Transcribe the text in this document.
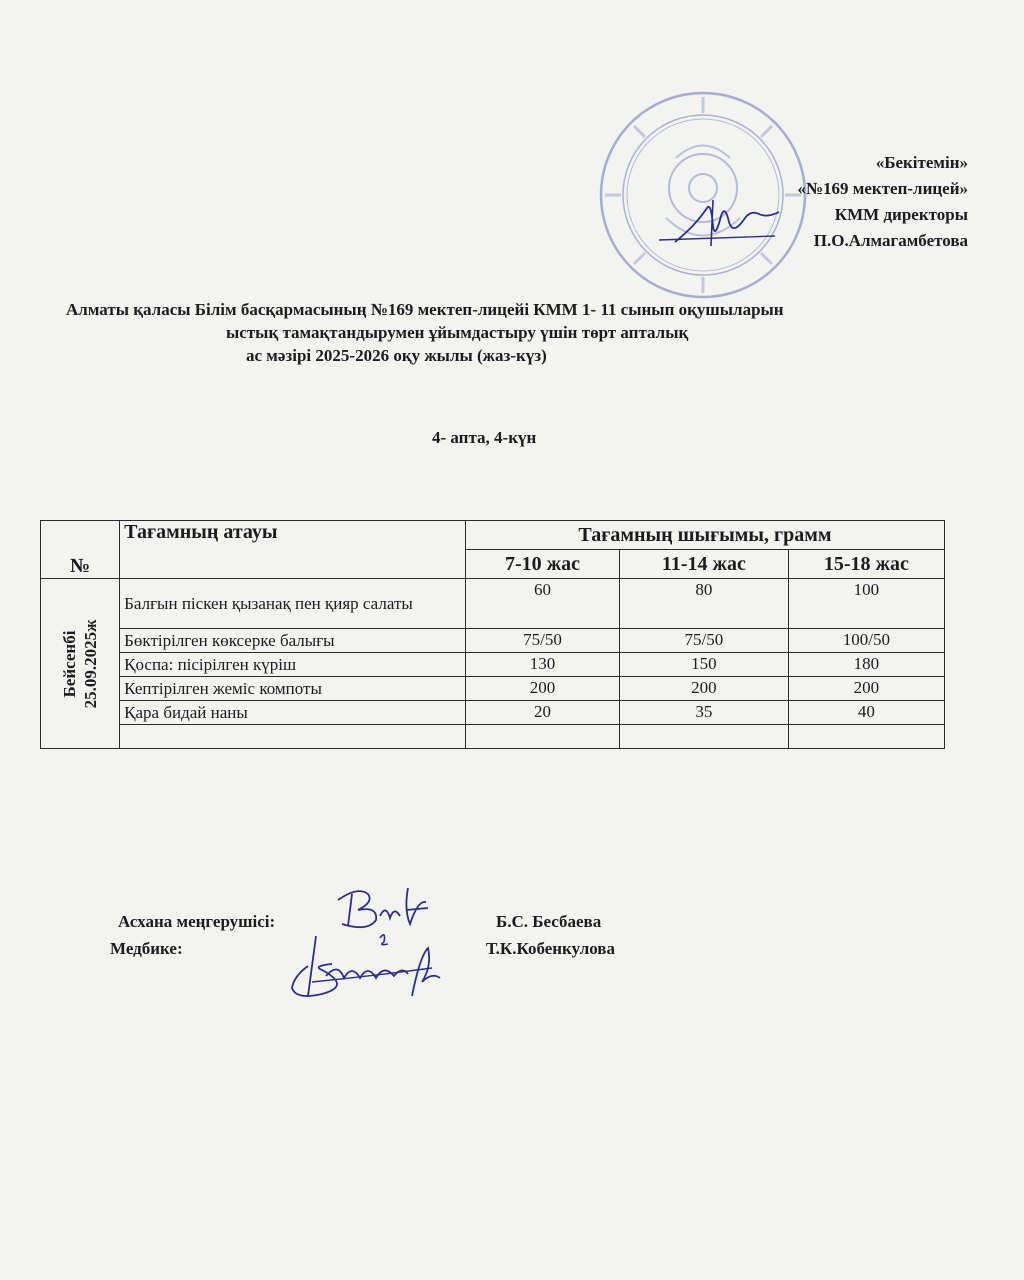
«Бекітемін»
«№169 мектеп-лицей»
КММ директоры
П.О.Алмагамбетова
Алматы қаласы Білім басқармасының №169 мектеп-лицейі КММ 1- 11 сынып оқушыларын
ыстық тамақтандырумен ұйымдастыру үшін төрт апталық
ас мәзірі 2025-2026 оқу жылы (жаз-күз)
4- апта, 4-күн
№	Тағамның атауы	Тағамның шығымы, грамм		
		7-10 жас	11-14 жас	15-18 жас

Бейсенбі 25.09.2025ж	Балғын піскен қызанақ пен қияр салаты	60	80	100
	Бөктірілген көксерке балығы	75/50	75/50	100/50
	Қоспа: пісірілген күріш	130	150	180
	Кептірілген жеміс компоты	200	200	200
	Қара бидай наны	20	35	40

Асхана меңгерушісі:	Б.С. Бесбаева
Медбике:	Т.К.Кобенкулова
